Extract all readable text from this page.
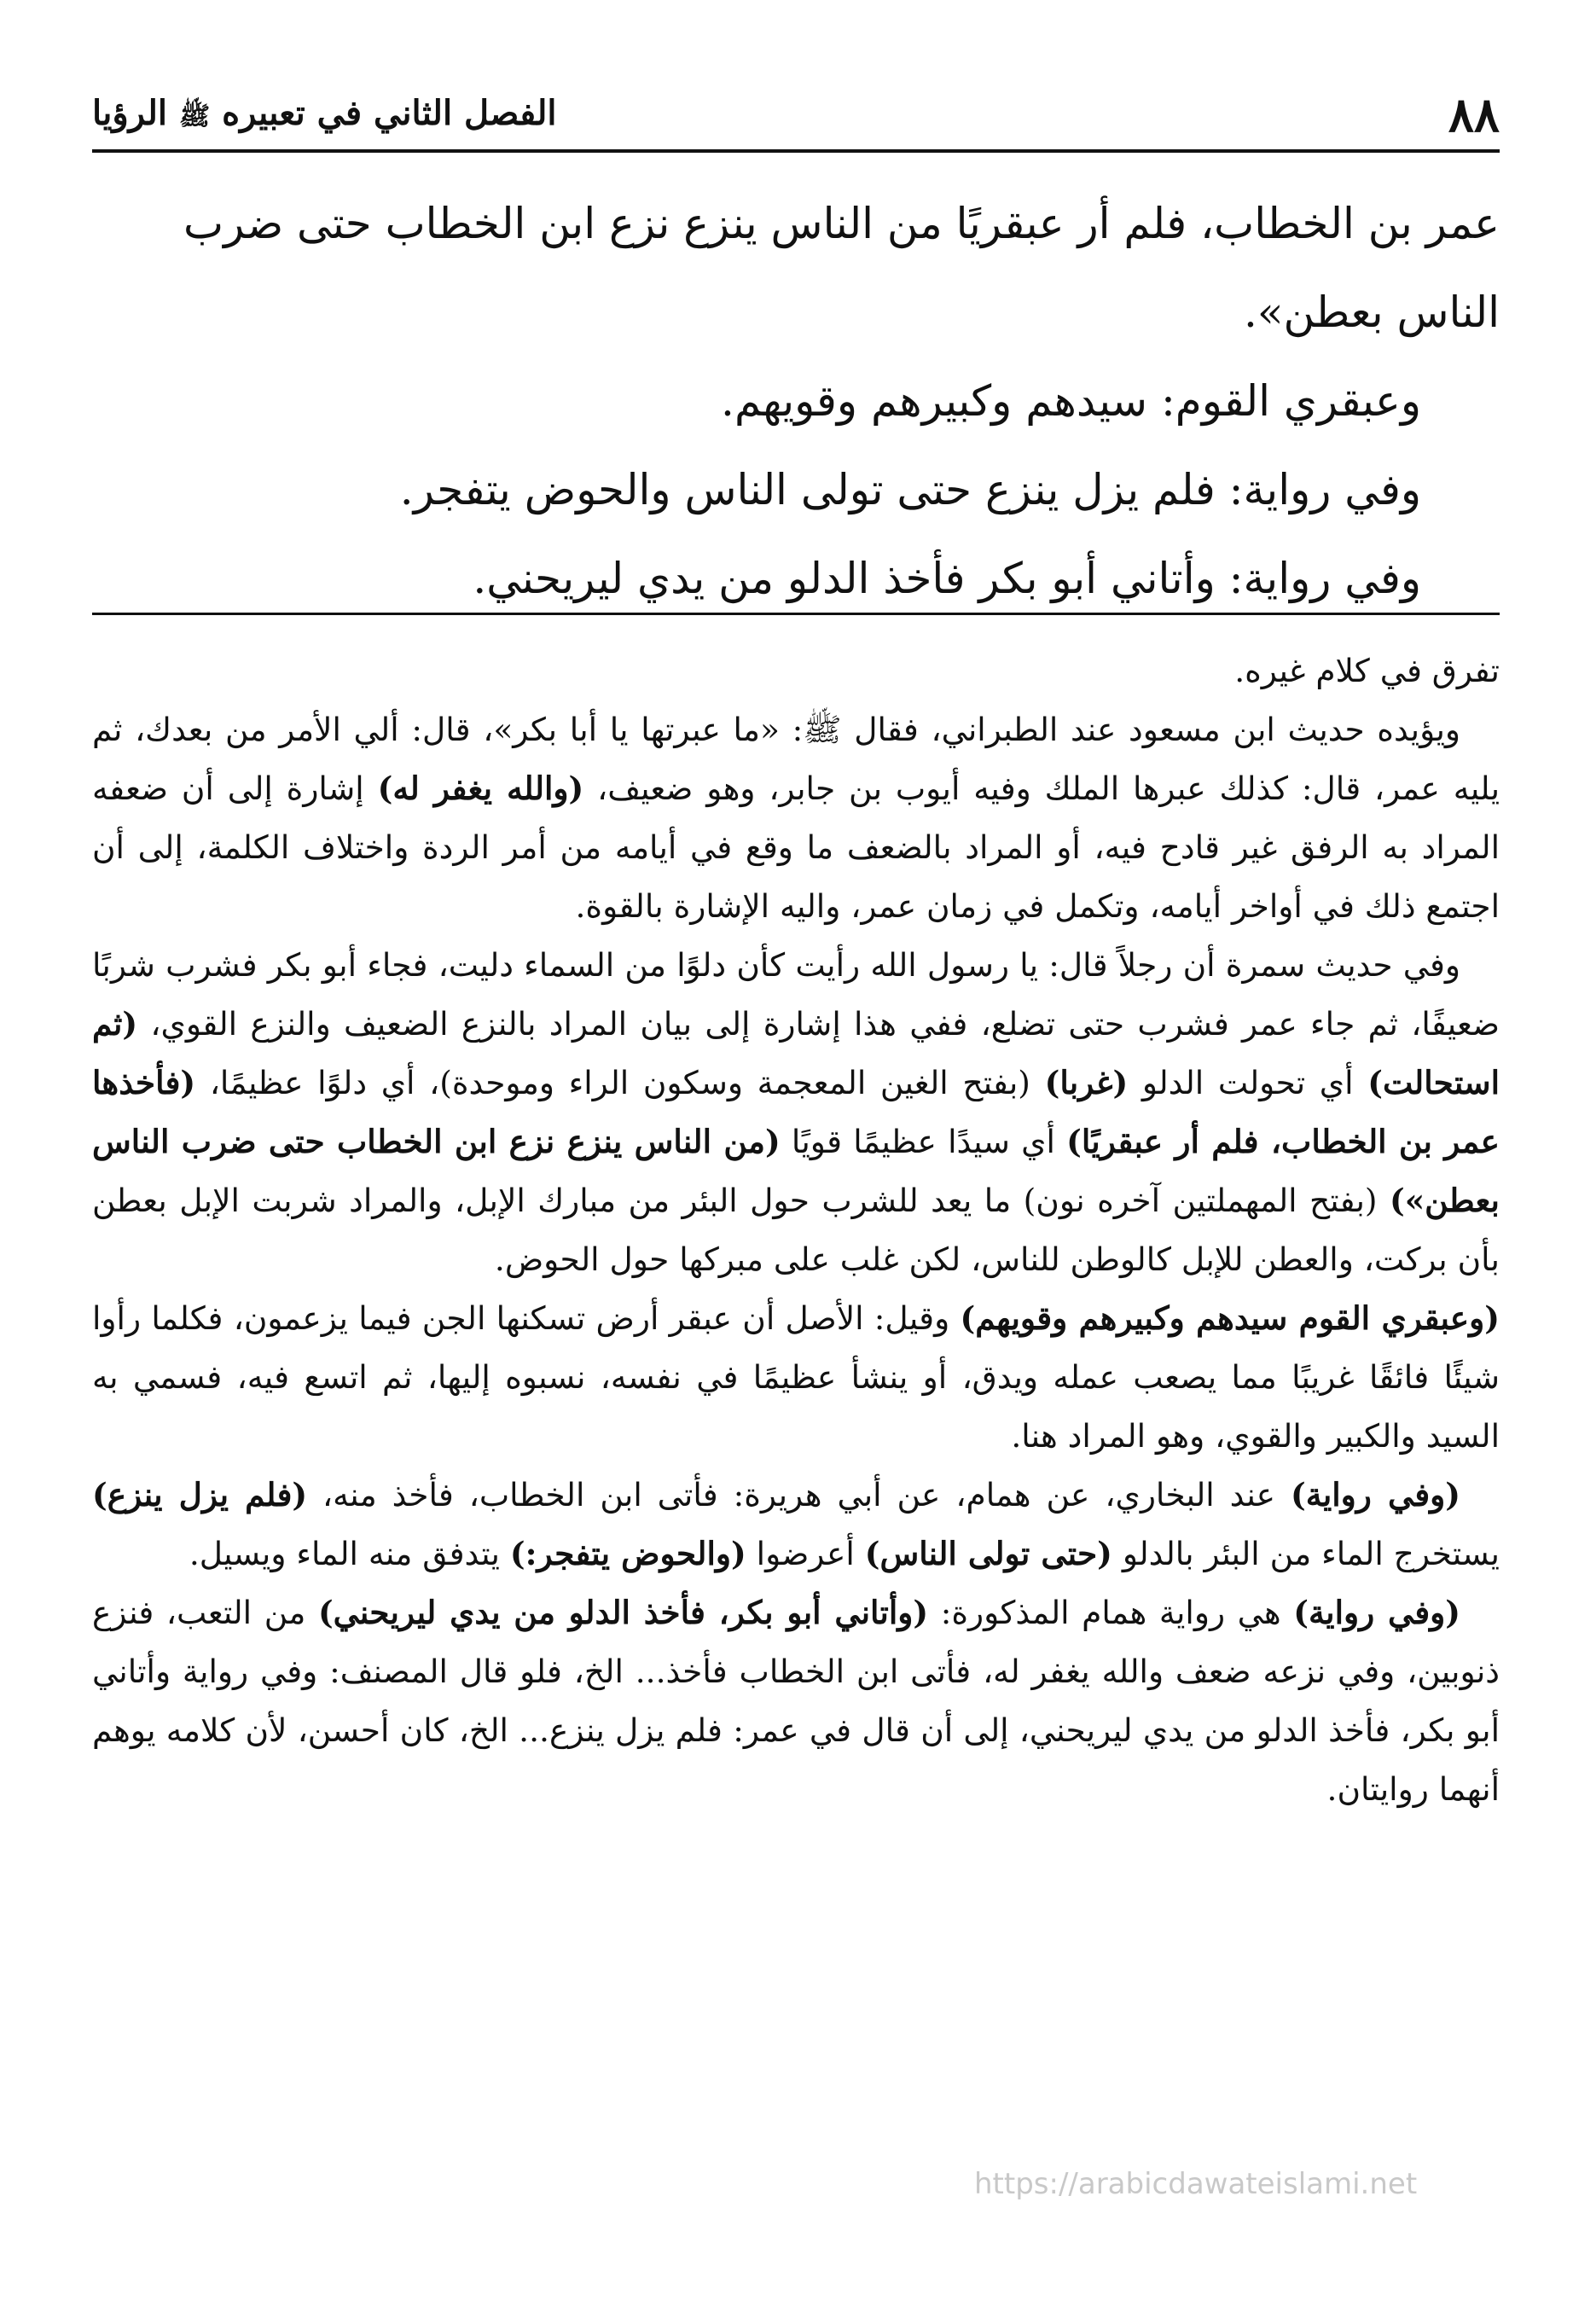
٨٨
الفصل الثاني في تعبيره ﷺ الرؤيا

عمر بن الخطاب، فلم أر عبقريًا من الناس ينزع نزع ابن الخطاب حتى ضرب

الناس بعطن».

وعبقري القوم: سيدهم وكبيرهم وقويهم.

وفي رواية: فلم يزل ينزع حتى تولى الناس والحوض يتفجر.

وفي رواية: وأتاني أبو بكر فأخذ الدلو من يدي ليريحني.

تفرق في كلام غيره.

ويؤيده حديث ابن مسعود عند الطبراني، فقال ﷺ: «ما عبرتها يا أبا بكر»، قال: ألي الأمر من بعدك، ثم يليه عمر، قال: كذلك عبرها الملك وفيه أيوب بن جابر، وهو ضعيف، (والله يغفر له) إشارة إلى أن ضعفه المراد به الرفق غير قادح فيه، أو المراد بالضعف ما وقع في أيامه من أمر الردة واختلاف الكلمة، إلى أن اجتمع ذلك في أواخر أيامه، وتكمل في زمان عمر، واليه الإشارة بالقوة.

وفي حديث سمرة أن رجلاً قال: يا رسول الله رأيت كأن دلوًا من السماء دليت، فجاء أبو بكر فشرب شربًا ضعيفًا، ثم جاء عمر فشرب حتى تضلع، ففي هذا إشارة إلى بيان المراد بالنزع الضعيف والنزع القوي، (ثم استحالت) أي تحولت الدلو (غربا) (بفتح الغين المعجمة وسكون الراء وموحدة)، أي دلوًا عظيمًا، (فأخذها عمر بن الخطاب، فلم أر عبقريًا) أي سيدًا عظيمًا قويًا (من الناس ينزع نزع ابن الخطاب حتى ضرب الناس بعطن») (بفتح المهملتين آخره نون) ما يعد للشرب حول البئر من مبارك الإبل، والمراد شربت الإبل بعطن بأن بركت، والعطن للإبل كالوطن للناس، لكن غلب على مبركها حول الحوض.

(وعبقري القوم سيدهم وكبيرهم وقويهم) وقيل: الأصل أن عبقر أرض تسكنها الجن فيما يزعمون، فكلما رأوا شيئًا فائقًا غريبًا مما يصعب عمله ويدق، أو ينشأ عظيمًا في نفسه، نسبوه إليها، ثم اتسع فيه، فسمي به السيد والكبير والقوي، وهو المراد هنا.

(وفي رواية) عند البخاري، عن همام، عن أبي هريرة: فأتى ابن الخطاب، فأخذ منه، (فلم يزل ينزع) يستخرج الماء من البئر بالدلو (حتى تولى الناس) أعرضوا (والحوض يتفجر:) يتدفق منه الماء ويسيل.

(وفي رواية) هي رواية همام المذكورة: (وأتاني أبو بكر، فأخذ الدلو من يدي ليريحني) من التعب، فنزع ذنوبين، وفي نزعه ضعف والله يغفر له، فأتى ابن الخطاب فأخذ... الخ، فلو قال المصنف: وفي رواية وأتاني أبو بكر، فأخذ الدلو من يدي ليريحني، إلى أن قال في عمر: فلم يزل ينزع... الخ، كان أحسن، لأن كلامه يوهم أنهما روايتان.

https://arabicdawateislami.net
